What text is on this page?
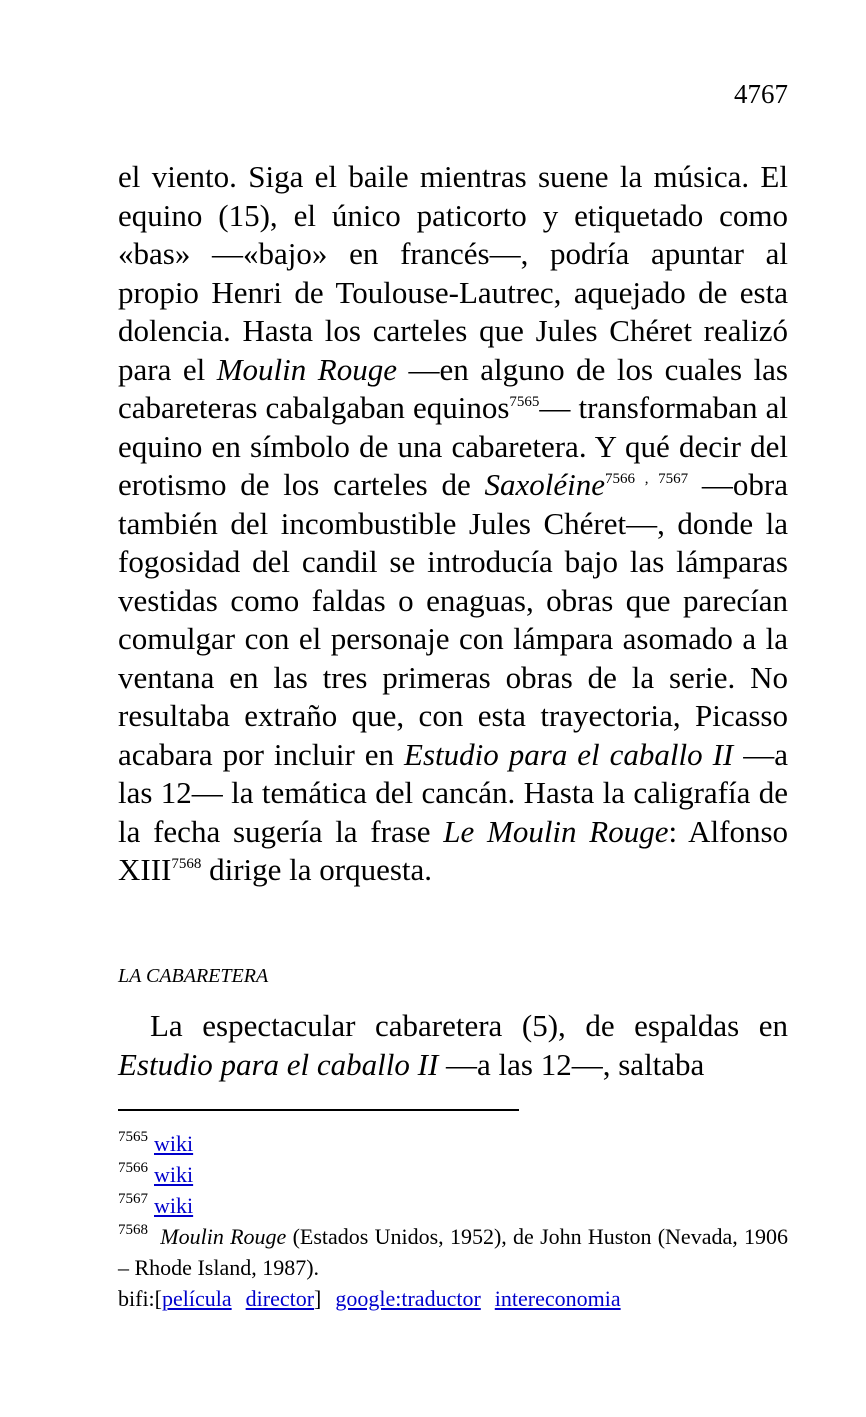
4767

el viento. Siga el baile mientras suene la música. El equino (15), el único paticorto y etiquetado como «bas» —«bajo» en francés—, podría apuntar al propio Henri de Toulouse-Lautrec, aquejado de esta dolencia. Hasta los carteles que Jules Chéret realizó para el Moulin Rouge —en alguno de los cuales las cabareteras cabalgaban equinos$^{7565}$— transformaban al equino en símbolo de una cabaretera. Y qué decir del erotismo de los carteles de Saxoléine$^{7566 , 7567}$ —obra también del incombustible Jules Chéret—, donde la fogosidad del candil se introducía bajo las lámparas vestidas como faldas o enaguas, obras que parecían comulgar con el personaje con lámpara asomado a la ventana en las tres primeras obras de la serie. No resultaba extraño que, con esta trayectoria, Picasso acabara por incluir en Estudio para el caballo II —a las 12— la temática del cancán. Hasta la caligrafía de la fecha sugería la frase Le Moulin Rouge: Alfonso $XIII^{7568}$ dirige la orquesta.

LA CABARETERA

La espectacular cabaretera (5), de espaldas en Estudio para el caballo II —a las 12—, saltaba

$^{7565}$ wiki

$^{7566}$ wiki

$^{7567}$ wiki

$^{7568}$ Moulin Rouge (Estados Unidos, 1952), de John Huston (Nevada, 1906 – Rhode Island, 1987).

bifi:[película director] google:traductor intereconomia
